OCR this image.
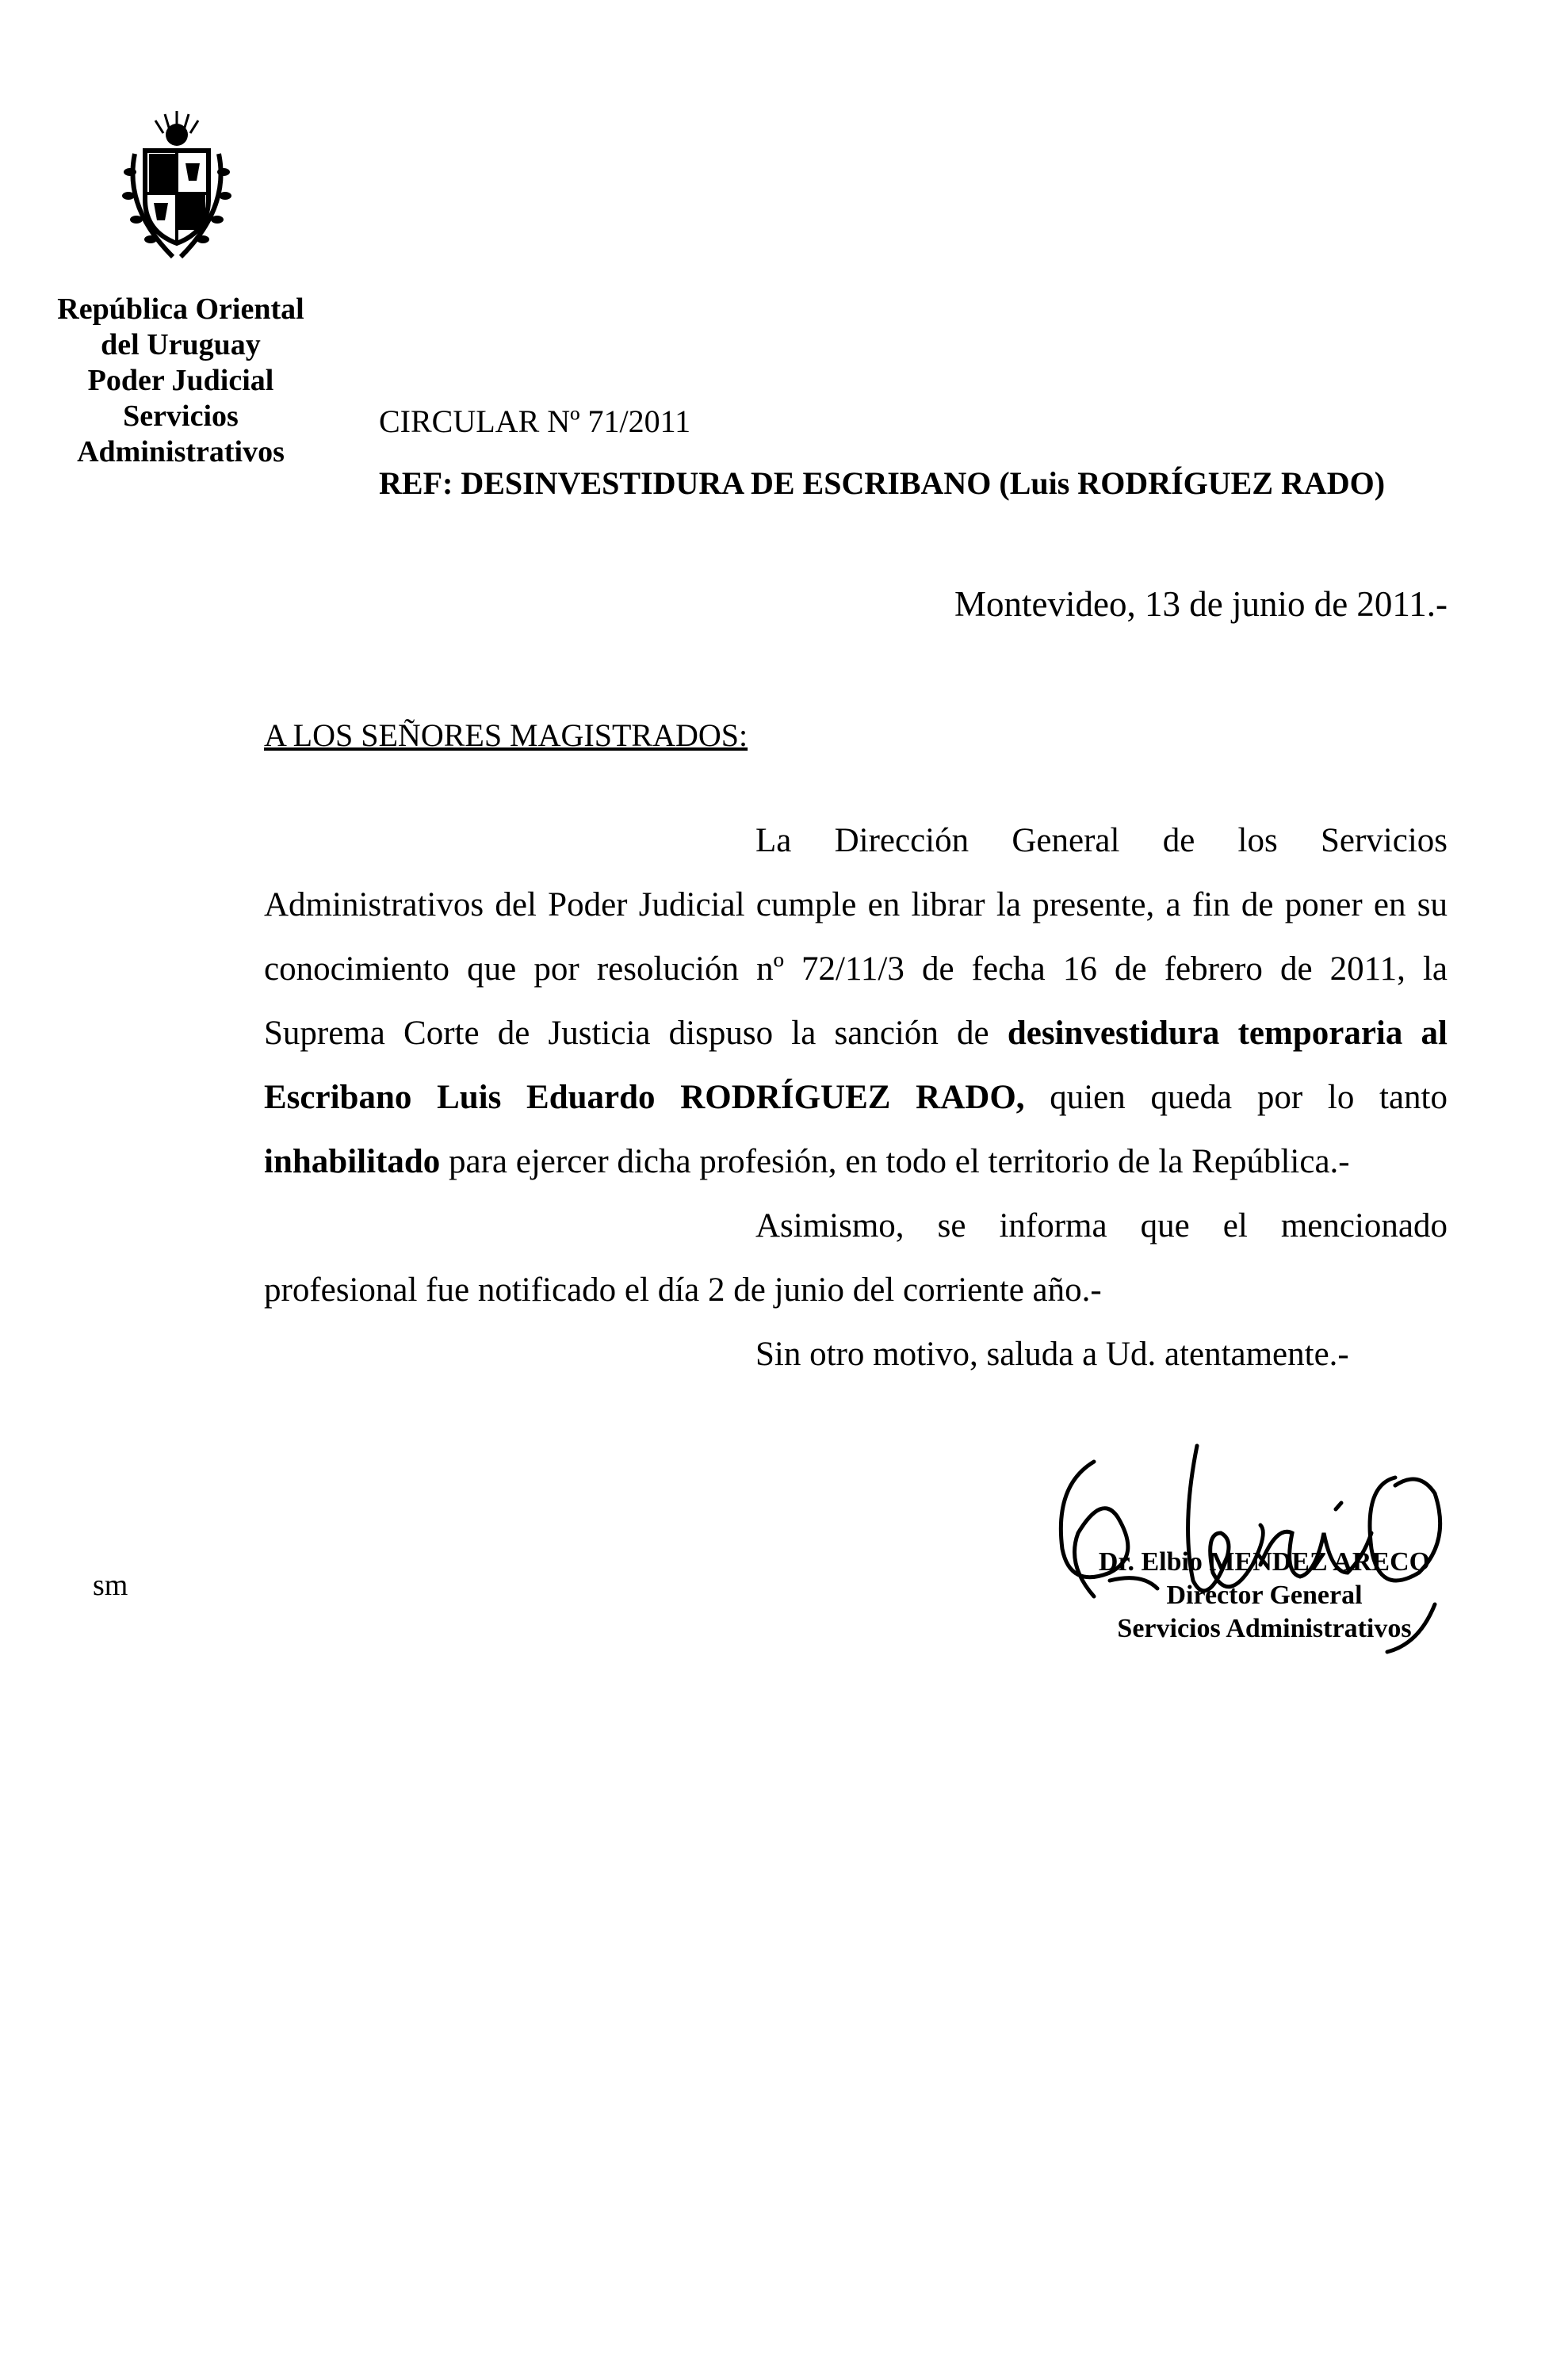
República Oriental
del Uruguay
Poder Judicial
Servicios
Administrativos
CIRCULAR Nº 71/2011
REF: DESINVESTIDURA DE ESCRIBANO (Luis RODRÍGUEZ RADO)
Montevideo, 13 de junio de 2011.-
A LOS SEÑORES MAGISTRADOS:

La Dirección General de los Servicios Administrativos del Poder Judicial cumple en librar la presente, a fin de poner en su conocimiento que por resolución nº 72/11/3 de fecha 16 de febrero de 2011, la Suprema Corte de Justicia dispuso la sanción de desinvestidura temporaria al Escribano Luis Eduardo RODRÍGUEZ RADO, quien queda por lo tanto inhabilitado para ejercer dicha profesión, en todo el territorio de la República.-

Asimismo, se informa que el mencionado profesional fue notificado el día 2 de junio del corriente año.-

Sin otro motivo, saluda a Ud. atentamente.-

Dr. Elbio MENDEZ ARECO
Director General
Servicios Administrativos
sm
